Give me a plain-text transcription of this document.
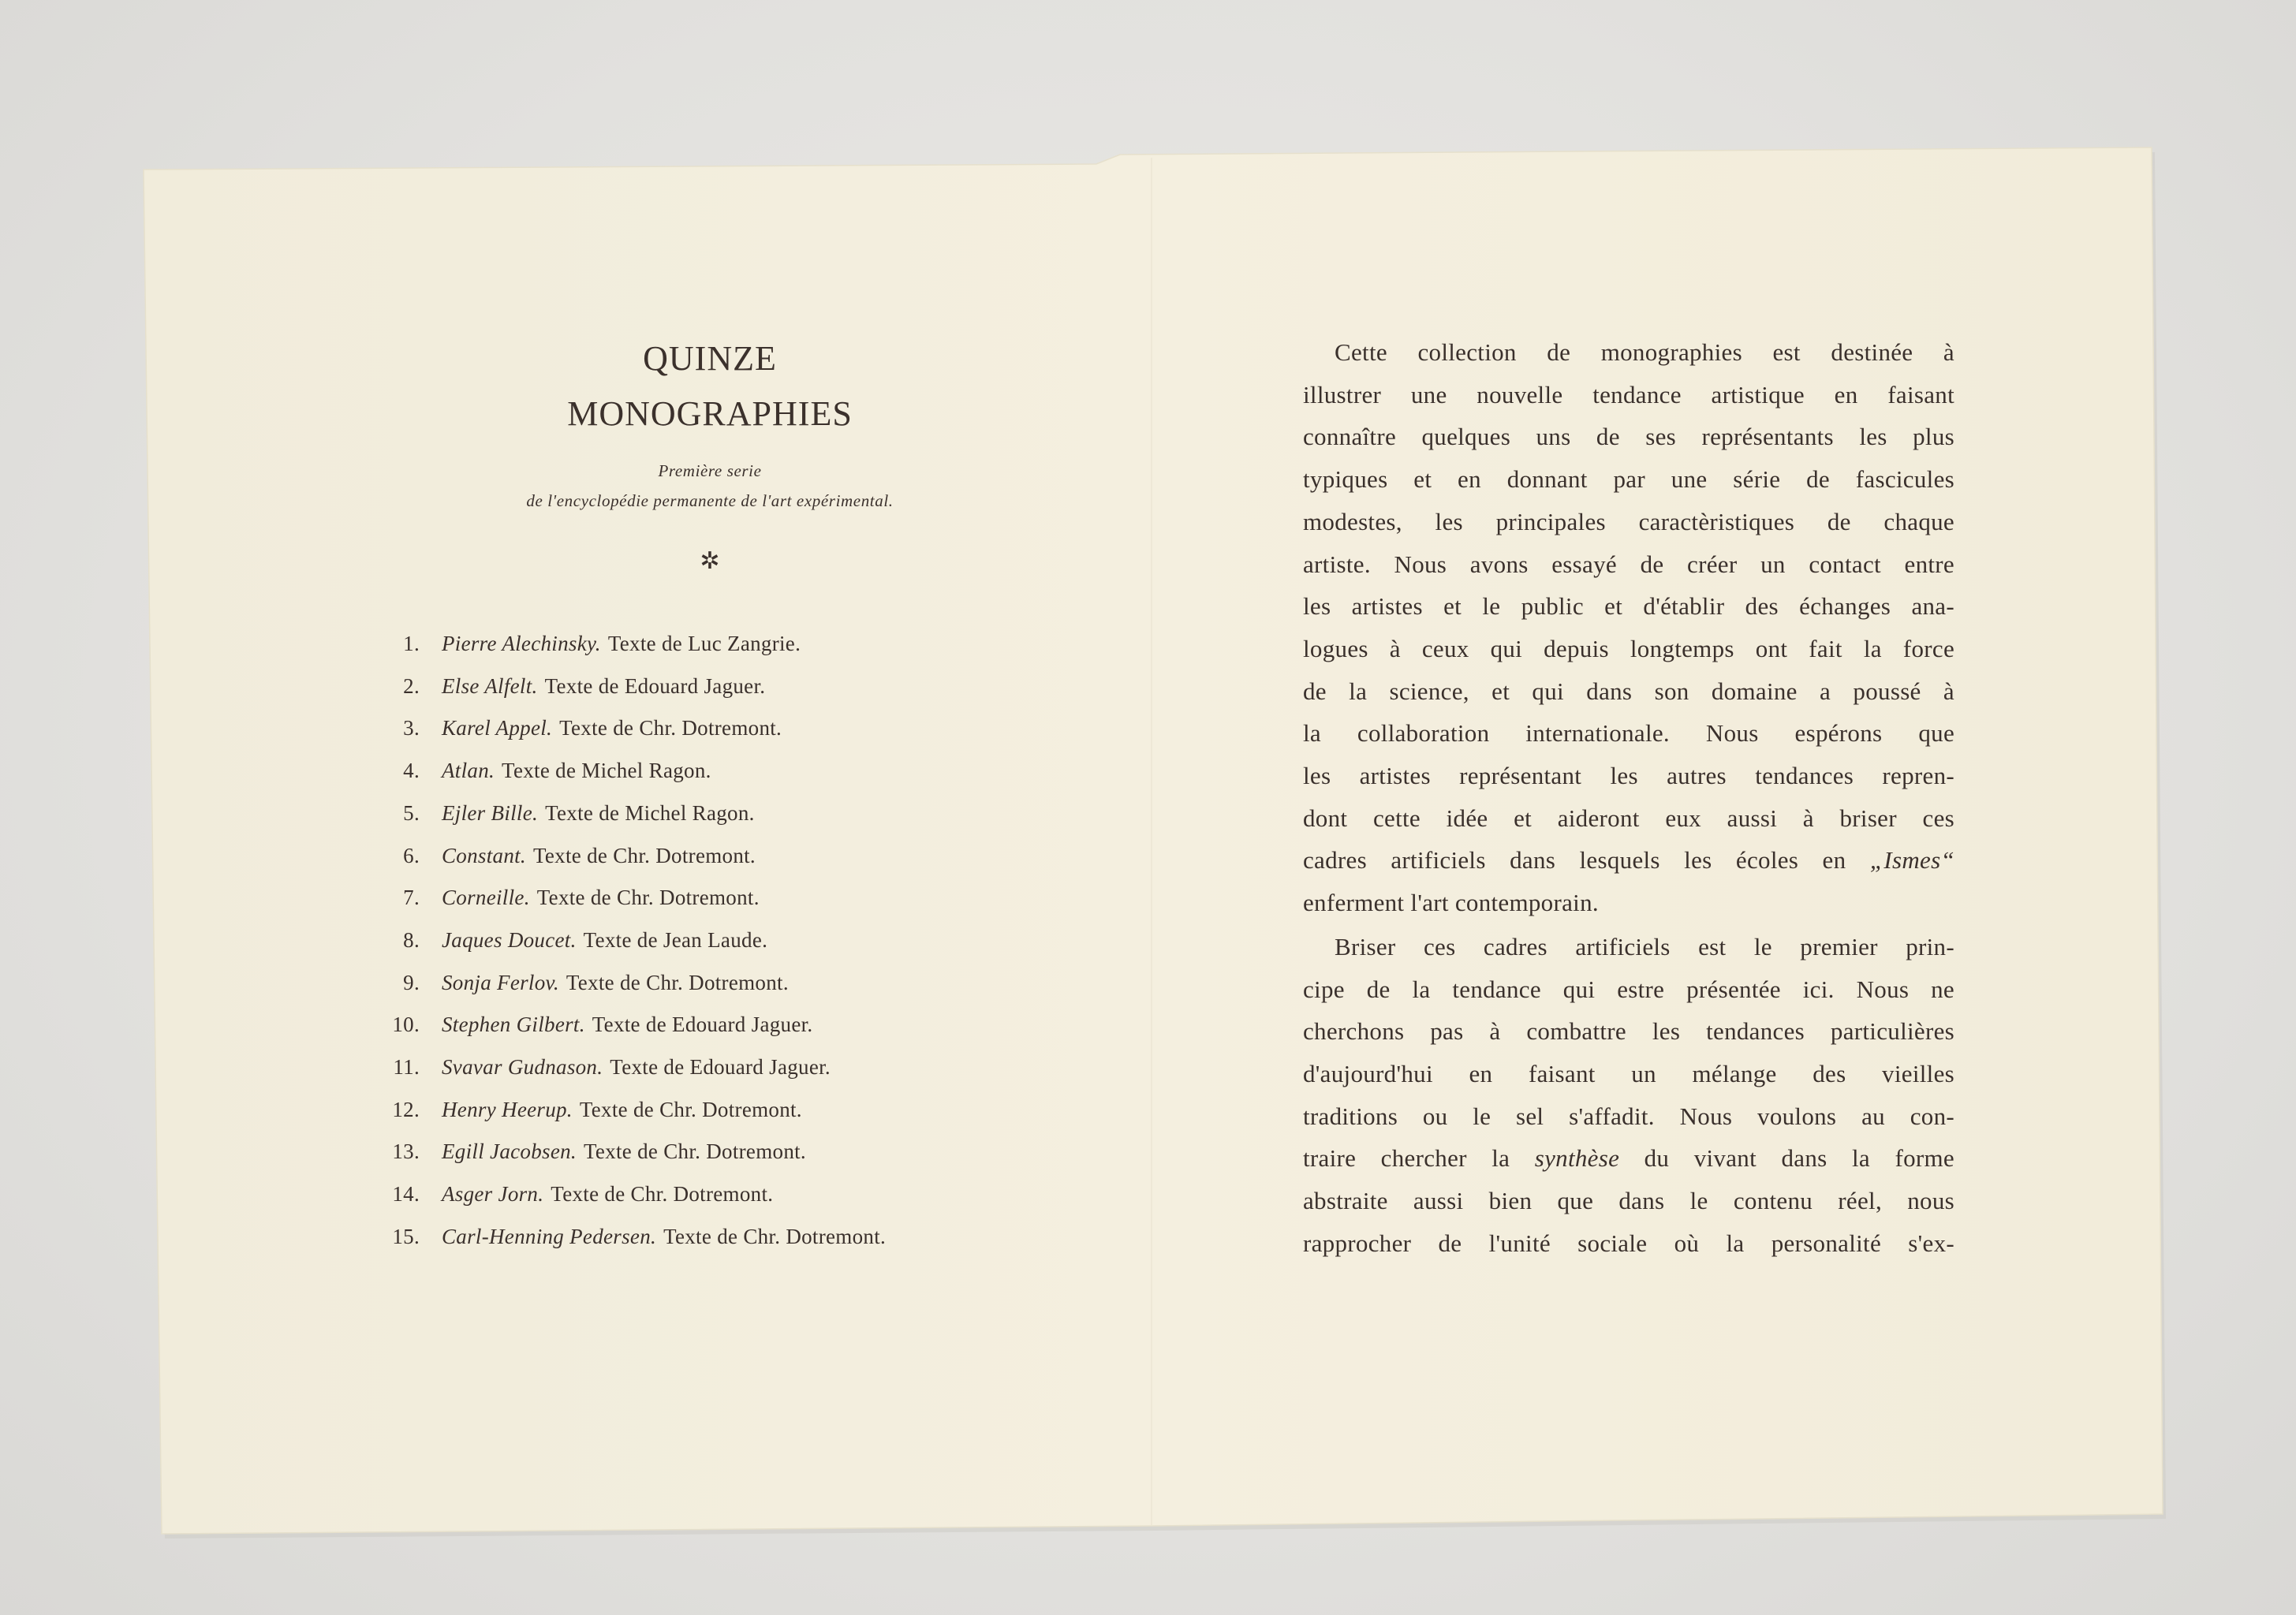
QUINZE
MONOGRAPHIES
Première serie
de l'encyclopédie permanente de l'art expérimental.
✲
1.	Pierre Alechinsky. Texte de Luc Zangrie.
2.	Else Alfelt. Texte de Edouard Jaguer.
3.	Karel Appel. Texte de Chr. Dotremont.
4.	Atlan. Texte de Michel Ragon.
5.	Ejler Bille. Texte de Michel Ragon.
6.	Constant. Texte de Chr. Dotremont.
7.	Corneille. Texte de Chr. Dotremont.
8.	Jaques Doucet. Texte de Jean Laude.
9.	Sonja Ferlov. Texte de Chr. Dotremont.
10.	Stephen Gilbert. Texte de Edouard Jaguer.
11.	Svavar Gudnason. Texte de Edouard Jaguer.
12.	Henry Heerup. Texte de Chr. Dotremont.
13.	Egill Jacobsen. Texte de Chr. Dotremont.
14.	Asger Jorn. Texte de Chr. Dotremont.
15.	Carl-Henning Pedersen. Texte de Chr. Dotremont.

Cette collection de monographies est destinée à
illustrer une nouvelle tendance artistique en faisant
connaître quelques uns de ses représentants les plus
typiques et en donnant par une série de fascicules
modestes, les principales caractèristiques de chaque
artiste. Nous avons essayé de créer un contact entre
les artistes et le public et d'établir des échanges ana-
logues à ceux qui depuis longtemps ont fait la force
de la science, et qui dans son domaine a poussé à
la collaboration internationale. Nous espérons que
les artistes représentant les autres tendances repren-
dont cette idée et aideront eux aussi à briser ces
cadres artificiels dans lesquels les écoles en „Ismes“
enferment l'art contemporain.

Briser ces cadres artificiels est le premier prin-
cipe de la tendance qui estre présentée ici. Nous ne
cherchons pas à combattre les tendances particulières
d'aujourd'hui en faisant un mélange des vieilles
traditions ou le sel s'affadit. Nous voulons au con-
traire chercher la synthèse du vivant dans la forme
abstraite aussi bien que dans le contenu réel, nous
rapprocher de l'unité sociale où la personalité s'ex-
